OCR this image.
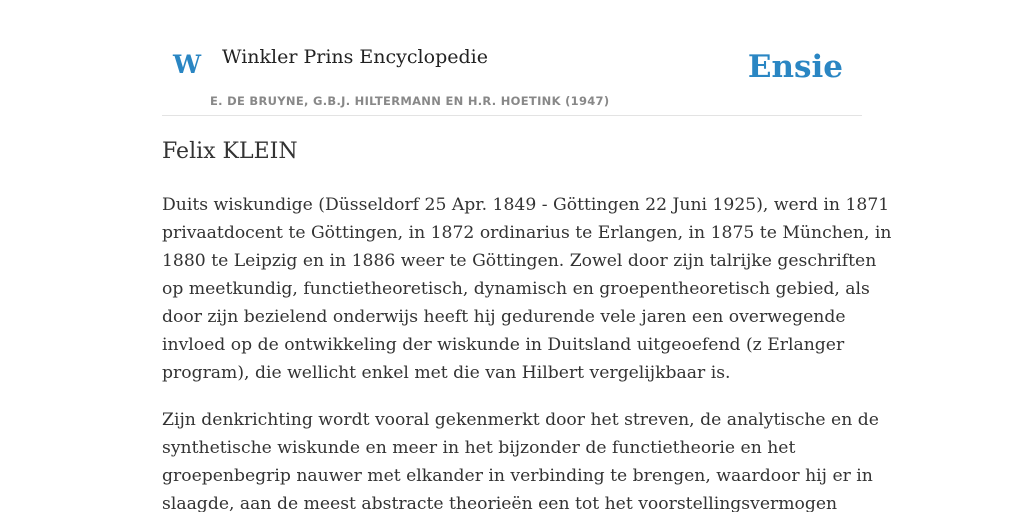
W Winkler Prins Encyclopedie
E. DE BRUYNE, G.B.J. HILTERMANN EN H.R. HOETINK (1947)
Ensie
Felix KLEIN

Duits wiskundige (Düsseldorf 25 Apr. 1849 - Göttingen 22 Juni 1925), werd in 1871
privaatdocent te Göttingen, in 1872 ordinarius te Erlangen, in 1875 te München, in
1880 te Leipzig en in 1886 weer te Göttingen. Zowel door zijn talrijke geschriften
op meetkundig, functietheoretisch, dynamisch en groepentheoretisch gebied, als
door zijn bezielend onderwijs heeft hij gedurende vele jaren een overwegende
invloed op de ontwikkeling der wiskunde in Duitsland uitgeoefend (z Erlanger
program), die wellicht enkel met die van Hilbert vergelijkbaar is.

Zijn denkrichting wordt vooral gekenmerkt door het streven, de analytische en de
synthetische wiskunde en meer in het bijzonder de functietheorie en het
groepenbegrip nauwer met elkander in verbinding te brengen, waardoor hij er in
slaagde, aan de meest abstracte theorieën een tot het voorstellingsvermogen
